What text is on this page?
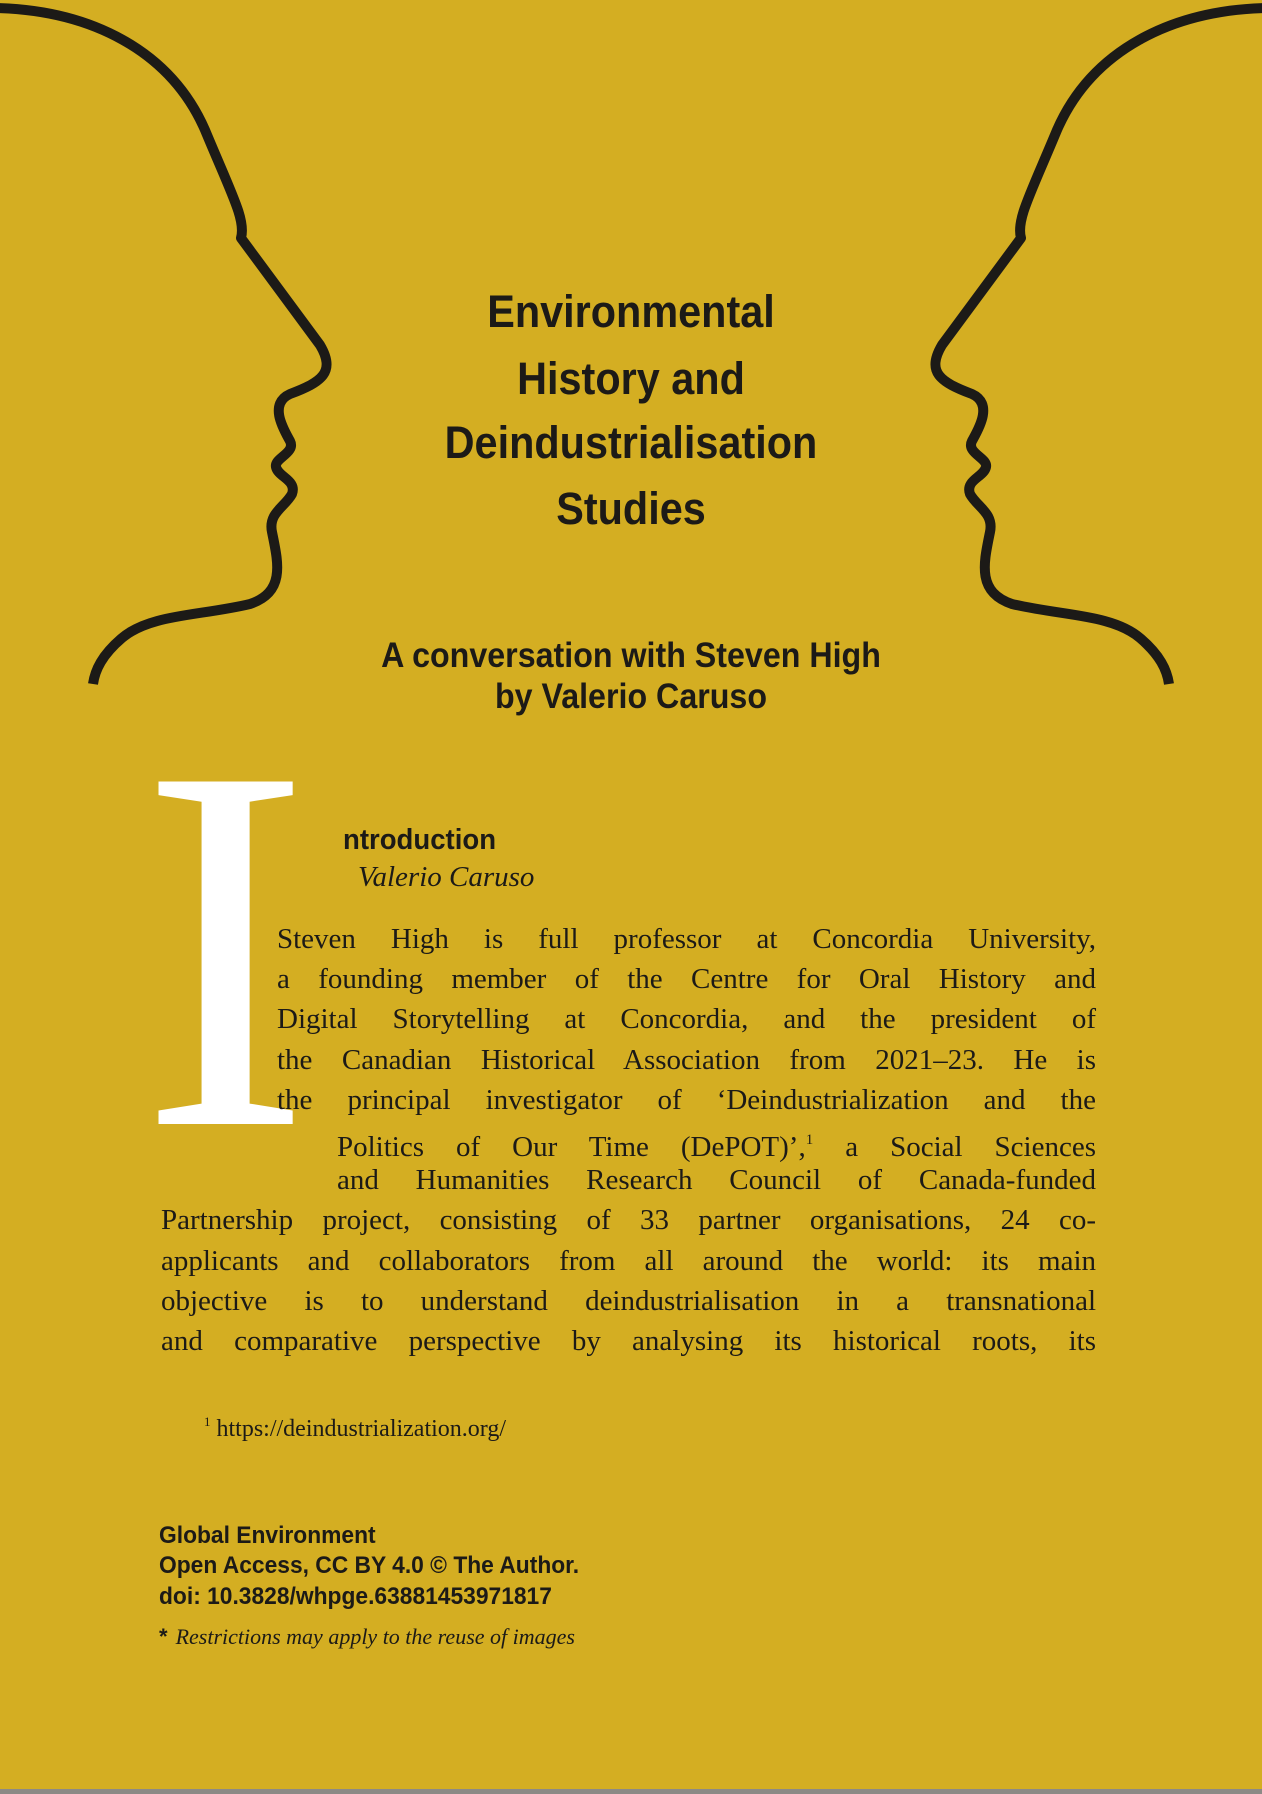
Environmental
History and
Deindustrialisation
Studies
A conversation with Steven High
by Valerio Caruso
I ntroduction
Valerio Caruso
Steven High is full professor at Concordia University,
a founding member of the Centre for Oral History and
Digital Storytelling at Concordia, and the president of
the Canadian Historical Association from 2021–23. He is
the principal investigator of ‘Deindustrialization and the
Politics of Our Time (DePOT)’,$^1$ a Social Sciences
and Humanities Research Council of Canada-funded
Partnership project, consisting of 33 partner organisations, 24 co-
applicants and collaborators from all around the world: its main
objective is to understand deindustrialisation in a transnational
and comparative perspective by analysing its historical roots, its
$^1$ https://deindustrialization.org/
Global Environment
Open Access, CC BY 4.0 © The Author.
doi: 10.3828/whpge.63881453971817
* Restrictions may apply to the reuse of images
